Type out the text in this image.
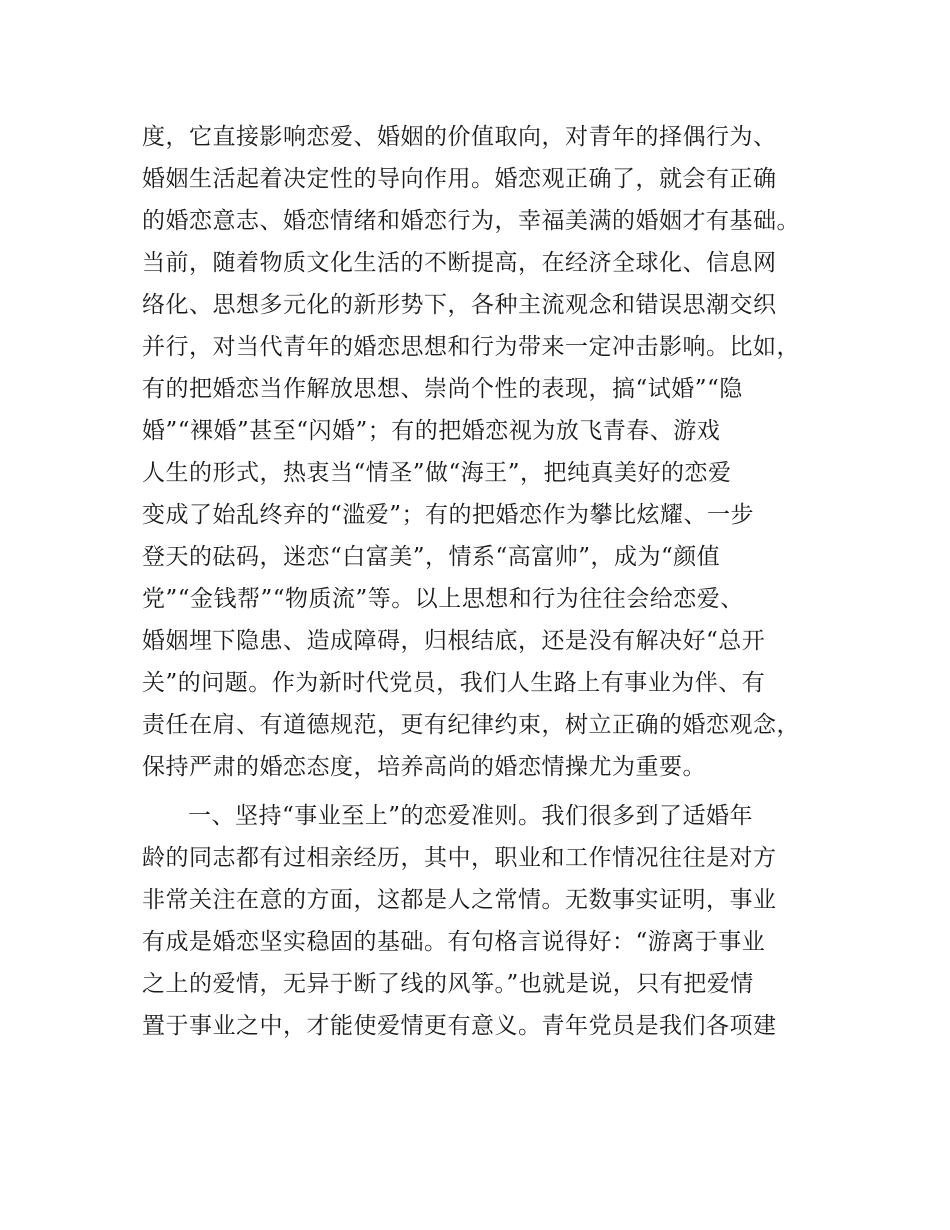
度，它直接影响恋爱、婚姻的价值取向，对青年的择偶行为、
婚姻生活起着决定性的导向作用。婚恋观正确了，就会有正确
的婚恋意志、婚恋情绪和婚恋行为，幸福美满的婚姻才有基础。
当前，随着物质文化生活的不断提高，在经济全球化、信息网
络化、思想多元化的新形势下，各种主流观念和错误思潮交织
并行，对当代青年的婚恋思想和行为带来一定冲击影响。比如，
有的把婚恋当作解放思想、崇尚个性的表现，搞“试婚”“隐
婚”“裸婚”甚至“闪婚”；有的把婚恋视为放飞青春、游戏
人生的形式，热衷当“情圣”做“海王”，把纯真美好的恋爱
变成了始乱终弃的“滥爱”；有的把婚恋作为攀比炫耀、一步
登天的砝码，迷恋“白富美”，情系“高富帅”，成为“颜值
党”“金钱帮”“物质流”等。以上思想和行为往往会给恋爱、
婚姻埋下隐患、造成障碍，归根结底，还是没有解决好“总开
关”的问题。作为新时代党员，我们人生路上有事业为伴、有
责任在肩、有道德规范，更有纪律约束，树立正确的婚恋观念，
保持严肃的婚恋态度，培养高尚的婚恋情操尤为重要。
一、坚持“事业至上”的恋爱准则。我们很多到了适婚年
龄的同志都有过相亲经历，其中，职业和工作情况往往是对方
非常关注在意的方面，这都是人之常情。无数事实证明，事业
有成是婚恋坚实稳固的基础。有句格言说得好：“游离于事业
之上的爱情，无异于断了线的风筝。”也就是说，只有把爱情
置于事业之中，才能使爱情更有意义。青年党员是我们各项建
